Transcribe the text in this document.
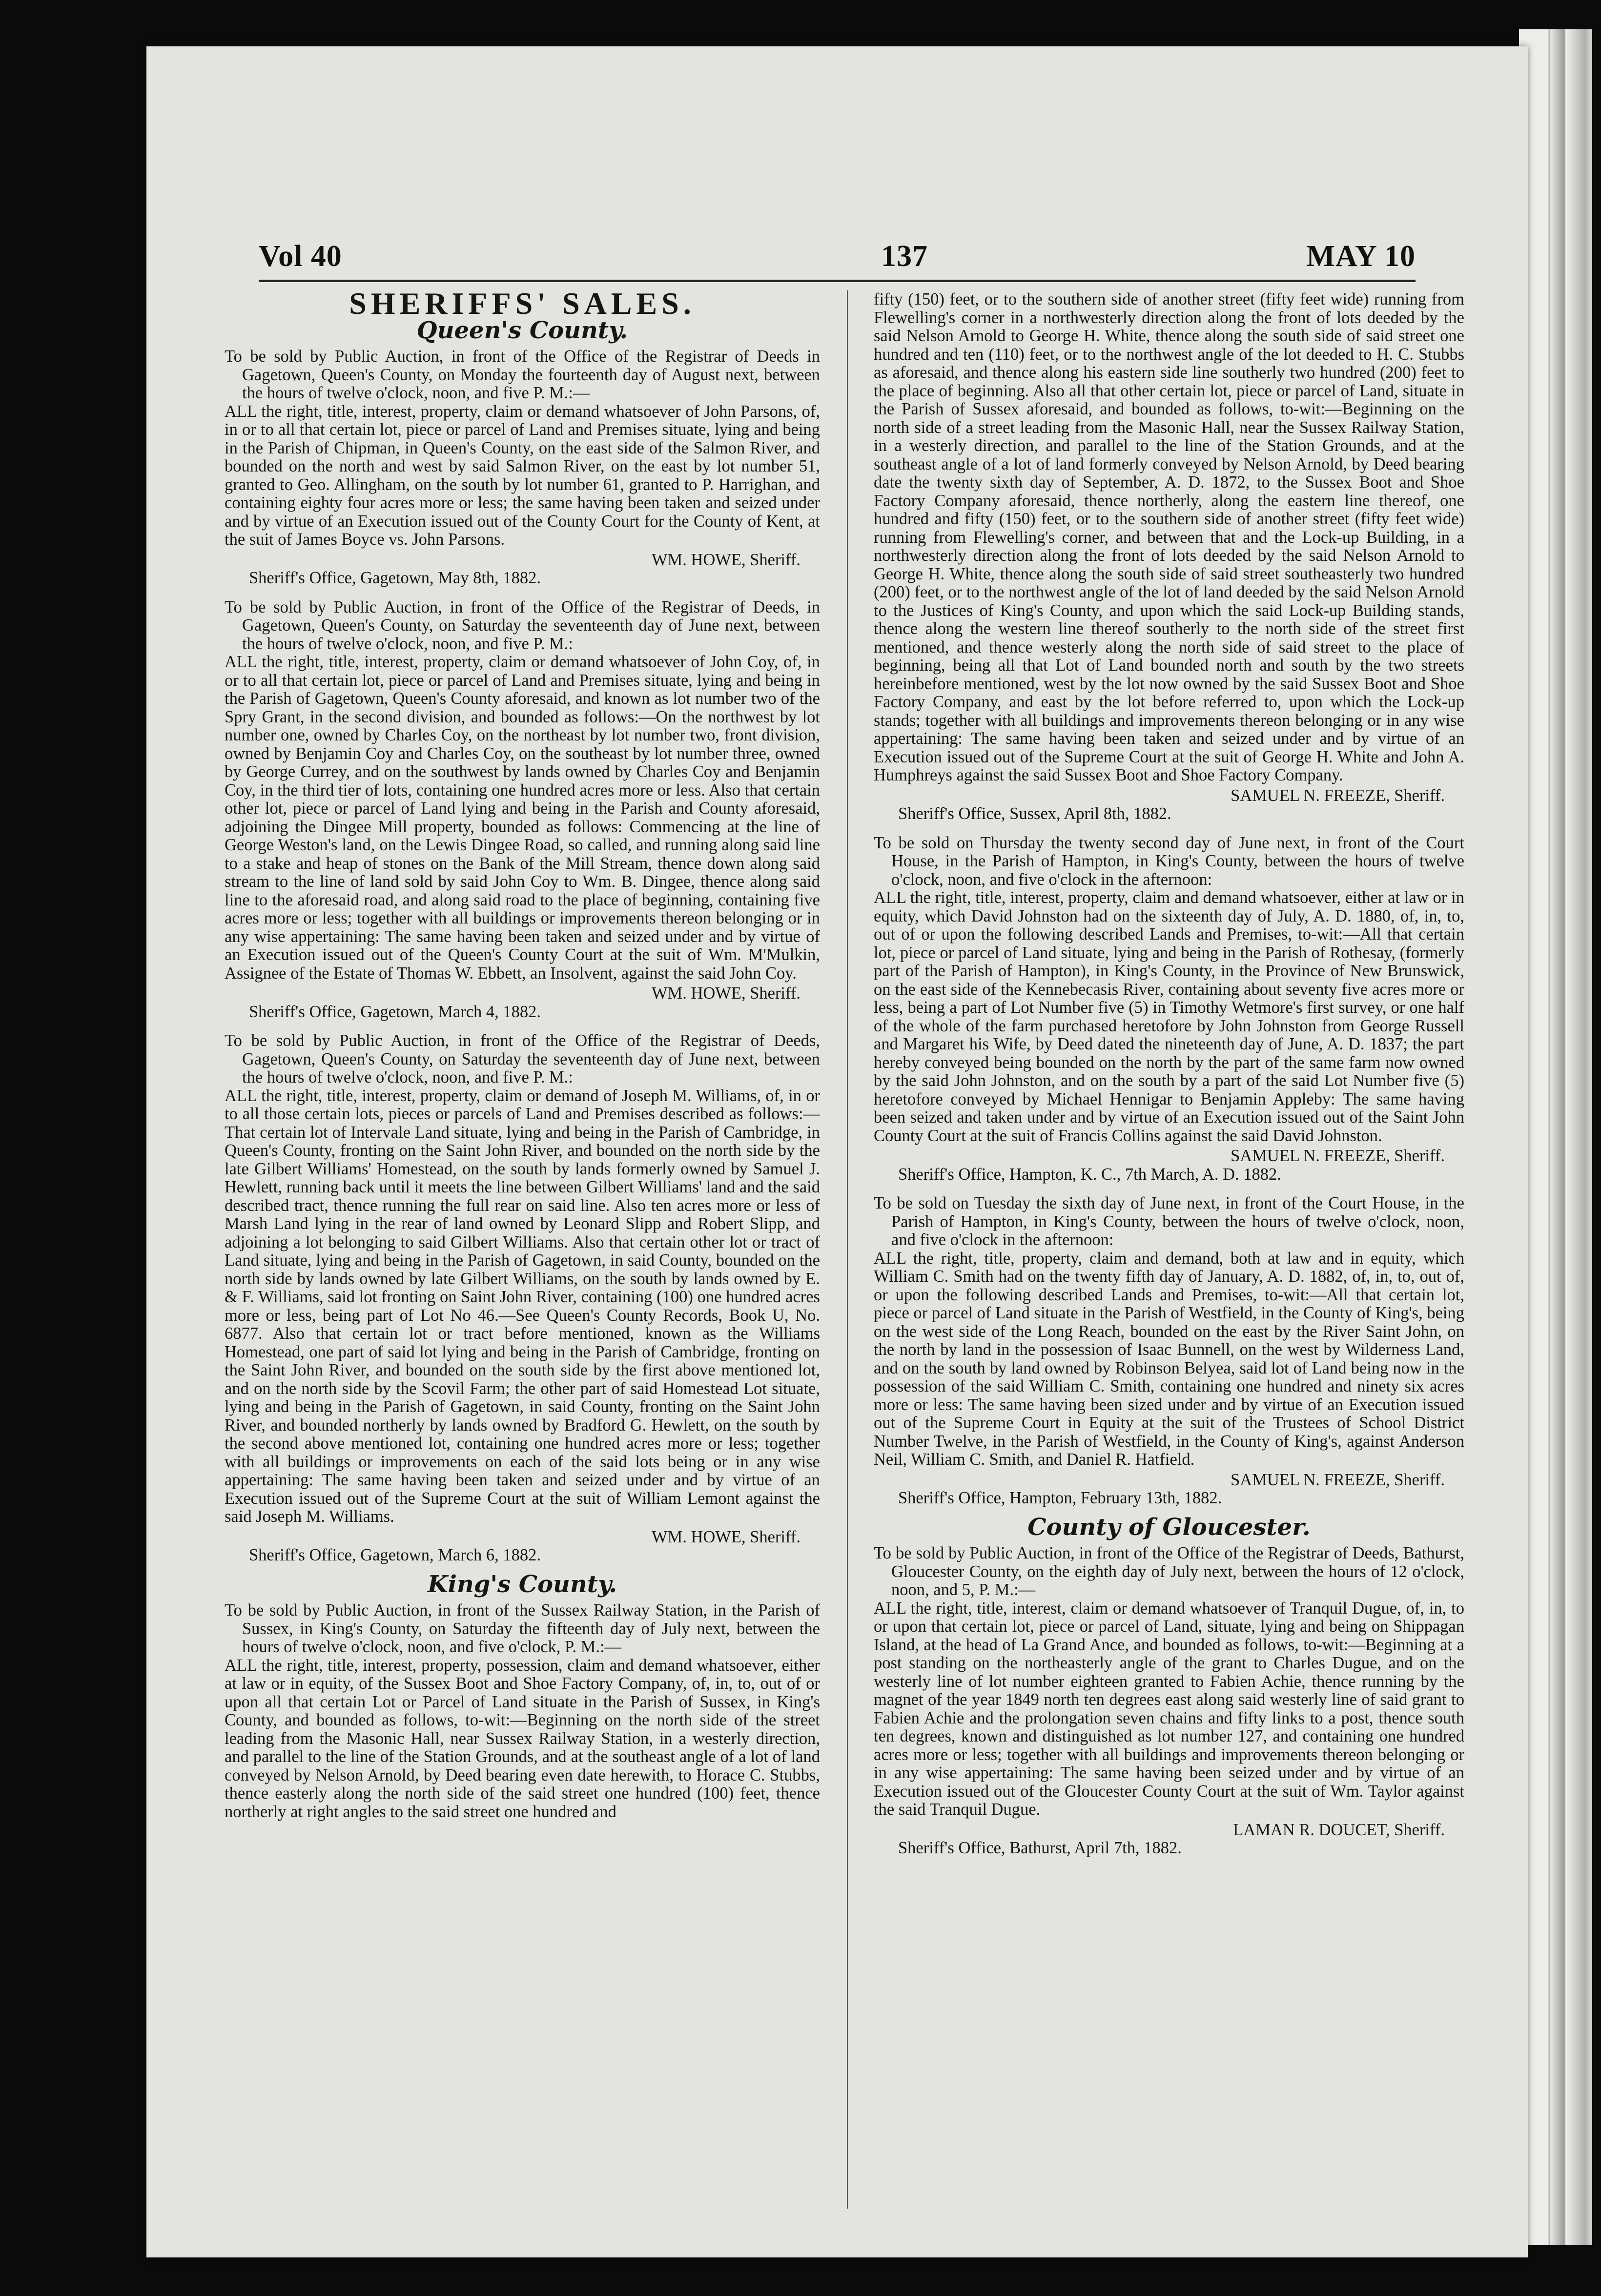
Vol 40	137	MAY 10
SHERIFFS' SALES.
Queen's County.

To be sold by Public Auction, in front of the Office of the Registrar of Deeds in Gagetown, Queen's County, on Monday the fourteenth day of August next, between the hours of twelve o'clock, noon, and five P. M.:—

ALL the right, title, interest, property, claim or demand whatsoever of John Parsons, of, in or to all that certain lot, piece or parcel of Land and Premises situate, lying and being in the Parish of Chipman, in Queen's County, on the east side of the Salmon River, and bounded on the north and west by said Salmon River, on the east by lot number 51, granted to Geo. Allingham, on the south by lot number 61, granted to P. Harrighan, and containing eighty four acres more or less; the same having been taken and seized under and by virtue of an Execution issued out of the County Court for the County of Kent, at the suit of James Boyce vs. John Parsons.

WM. HOWE, Sheriff.

Sheriff's Office, Gagetown, May 8th, 1882.

To be sold by Public Auction, in front of the Office of the Registrar of Deeds, in Gagetown, Queen's County, on Saturday the seventeenth day of June next, between the hours of twelve o'clock, noon, and five P. M.:

ALL the right, title, interest, property, claim or demand whatsoever of John Coy, of, in or to all that certain lot, piece or parcel of Land and Premises situate, lying and being in the Parish of Gagetown, Queen's County aforesaid, and known as lot number two of the Spry Grant, in the second division, and bounded as follows:—On the northwest by lot number one, owned by Charles Coy, on the northeast by lot number two, front division, owned by Benjamin Coy and Charles Coy, on the southeast by lot number three, owned by George Currey, and on the southwest by lands owned by Charles Coy and Benjamin Coy, in the third tier of lots, containing one hundred acres more or less. Also that certain other lot, piece or parcel of Land lying and being in the Parish and County aforesaid, adjoining the Dingee Mill property, bounded as follows: Commencing at the line of George Weston's land, on the Lewis Dingee Road, so called, and running along said line to a stake and heap of stones on the Bank of the Mill Stream, thence down along said stream to the line of land sold by said John Coy to Wm. B. Dingee, thence along said line to the aforesaid road, and along said road to the place of beginning, containing five acres more or less; together with all buildings or improvements thereon belonging or in any wise appertaining: The same having been taken and seized under and by virtue of an Execution issued out of the Queen's County Court at the suit of Wm. M'Mulkin, Assignee of the Estate of Thomas W. Ebbett, an Insolvent, against the said John Coy.

WM. HOWE, Sheriff.

Sheriff's Office, Gagetown, March 4, 1882.

To be sold by Public Auction, in front of the Office of the Registrar of Deeds, Gagetown, Queen's County, on Saturday the seventeenth day of June next, between the hours of twelve o'clock, noon, and five P. M.:

ALL the right, title, interest, property, claim or demand of Joseph M. Williams, of, in or to all those certain lots, pieces or parcels of Land and Premises described as follows:—That certain lot of Intervale Land situate, lying and being in the Parish of Cambridge, in Queen's County, fronting on the Saint John River, and bounded on the north side by the late Gilbert Williams' Homestead, on the south by lands formerly owned by Samuel J. Hewlett, running back until it meets the line between Gilbert Williams' land and the said described tract, thence running the full rear on said line. Also ten acres more or less of Marsh Land lying in the rear of land owned by Leonard Slipp and Robert Slipp, and adjoining a lot belonging to said Gilbert Williams. Also that certain other lot or tract of Land situate, lying and being in the Parish of Gagetown, in said County, bounded on the north side by lands owned by late Gilbert Williams, on the south by lands owned by E. & F. Williams, said lot fronting on Saint John River, containing (100) one hundred acres more or less, being part of Lot No 46.—See Queen's County Records, Book U, No. 6877. Also that certain lot or tract before mentioned, known as the Williams Homestead, one part of said lot lying and being in the Parish of Cambridge, fronting on the Saint John River, and bounded on the south side by the first above mentioned lot, and on the north side by the Scovil Farm; the other part of said Homestead Lot situate, lying and being in the Parish of Gagetown, in said County, fronting on the Saint John River, and bounded northerly by lands owned by Bradford G. Hewlett, on the south by the second above mentioned lot, containing one hundred acres more or less; together with all buildings or improvements on each of the said lots being or in any wise appertaining: The same having been taken and seized under and by virtue of an Execution issued out of the Supreme Court at the suit of William Lemont against the said Joseph M. Williams.

WM. HOWE, Sheriff.

Sheriff's Office, Gagetown, March 6, 1882.

King's County.

To be sold by Public Auction, in front of the Sussex Railway Station, in the Parish of Sussex, in King's County, on Saturday the fifteenth day of July next, between the hours of twelve o'clock, noon, and five o'clock, P. M.:—

ALL the right, title, interest, property, possession, claim and demand whatsoever, either at law or in equity, of the Sussex Boot and Shoe Factory Company, of, in, to, out of or upon all that certain Lot or Parcel of Land situate in the Parish of Sussex, in King's County, and bounded as follows, to-wit:—Beginning on the north side of the street leading from the Masonic Hall, near Sussex Railway Station, in a westerly direction, and parallel to the line of the Station Grounds, and at the southeast angle of a lot of land conveyed by Nelson Arnold, by Deed bearing even date herewith, to Horace C. Stubbs, thence easterly along the north side of the said street one hundred (100) feet, thence northerly at right angles to the said street one hundred and

fifty (150) feet, or to the southern side of another street (fifty feet wide) running from Flewelling's corner in a northwesterly direction along the front of lots deeded by the said Nelson Arnold to George H. White, thence along the south side of said street one hundred and ten (110) feet, or to the northwest angle of the lot deeded to H. C. Stubbs as aforesaid, and thence along his eastern side line southerly two hundred (200) feet to the place of beginning. Also all that other certain lot, piece or parcel of Land, situate in the Parish of Sussex aforesaid, and bounded as follows, to-wit:—Beginning on the north side of a street leading from the Masonic Hall, near the Sussex Railway Station, in a westerly direction, and parallel to the line of the Station Grounds, and at the southeast angle of a lot of land formerly conveyed by Nelson Arnold, by Deed bearing date the twenty sixth day of September, A. D. 1872, to the Sussex Boot and Shoe Factory Company aforesaid, thence northerly, along the eastern line thereof, one hundred and fifty (150) feet, or to the southern side of another street (fifty feet wide) running from Flewelling's corner, and between that and the Lock-up Building, in a northwesterly direction along the front of lots deeded by the said Nelson Arnold to George H. White, thence along the south side of said street southeasterly two hundred (200) feet, or to the northwest angle of the lot of land deeded by the said Nelson Arnold to the Justices of King's County, and upon which the said Lock-up Building stands, thence along the western line thereof southerly to the north side of the street first mentioned, and thence westerly along the north side of said street to the place of beginning, being all that Lot of Land bounded north and south by the two streets hereinbefore mentioned, west by the lot now owned by the said Sussex Boot and Shoe Factory Company, and east by the lot before referred to, upon which the Lock-up stands; together with all buildings and improvements thereon belonging or in any wise appertaining: The same having been taken and seized under and by virtue of an Execution issued out of the Supreme Court at the suit of George H. White and John A. Humphreys against the said Sussex Boot and Shoe Factory Company.

SAMUEL N. FREEZE, Sheriff.

Sheriff's Office, Sussex, April 8th, 1882.

To be sold on Thursday the twenty second day of June next, in front of the Court House, in the Parish of Hampton, in King's County, between the hours of twelve o'clock, noon, and five o'clock in the afternoon:

ALL the right, title, interest, property, claim and demand whatsoever, either at law or in equity, which David Johnston had on the sixteenth day of July, A. D. 1880, of, in, to, out of or upon the following described Lands and Premises, to-wit:—All that certain lot, piece or parcel of Land situate, lying and being in the Parish of Rothesay, (formerly part of the Parish of Hampton), in King's County, in the Province of New Brunswick, on the east side of the Kennebecasis River, containing about seventy five acres more or less, being a part of Lot Number five (5) in Timothy Wetmore's first survey, or one half of the whole of the farm purchased heretofore by John Johnston from George Russell and Margaret his Wife, by Deed dated the nineteenth day of June, A. D. 1837; the part hereby conveyed being bounded on the north by the part of the same farm now owned by the said John Johnston, and on the south by a part of the said Lot Number five (5) heretofore conveyed by Michael Hennigar to Benjamin Appleby: The same having been seized and taken under and by virtue of an Execution issued out of the Saint John County Court at the suit of Francis Collins against the said David Johnston.

SAMUEL N. FREEZE, Sheriff.

Sheriff's Office, Hampton, K. C., 7th March, A. D. 1882.

To be sold on Tuesday the sixth day of June next, in front of the Court House, in the Parish of Hampton, in King's County, between the hours of twelve o'clock, noon, and five o'clock in the afternoon:

ALL the right, title, property, claim and demand, both at law and in equity, which William C. Smith had on the twenty fifth day of January, A. D. 1882, of, in, to, out of, or upon the following described Lands and Premises, to-wit:—All that certain lot, piece or parcel of Land situate in the Parish of Westfield, in the County of King's, being on the west side of the Long Reach, bounded on the east by the River Saint John, on the north by land in the possession of Isaac Bunnell, on the west by Wilderness Land, and on the south by land owned by Robinson Belyea, said lot of Land being now in the possession of the said William C. Smith, containing one hundred and ninety six acres more or less: The same having been sized under and by virtue of an Execution issued out of the Supreme Court in Equity at the suit of the Trustees of School District Number Twelve, in the Parish of Westfield, in the County of King's, against Anderson Neil, William C. Smith, and Daniel R. Hatfield.

SAMUEL N. FREEZE, Sheriff.

Sheriff's Office, Hampton, February 13th, 1882.

County of Gloucester.

To be sold by Public Auction, in front of the Office of the Registrar of Deeds, Bathurst, Gloucester County, on the eighth day of July next, between the hours of 12 o'clock, noon, and 5, P. M.:—

ALL the right, title, interest, claim or demand whatsoever of Tranquil Dugue, of, in, to or upon that certain lot, piece or parcel of Land, situate, lying and being on Shippagan Island, at the head of La Grand Ance, and bounded as follows, to-wit:—Beginning at a post standing on the northeasterly angle of the grant to Charles Dugue, and on the westerly line of lot number eighteen granted to Fabien Achie, thence running by the magnet of the year 1849 north ten degrees east along said westerly line of said grant to Fabien Achie and the prolongation seven chains and fifty links to a post, thence south ten degrees, known and distinguished as lot number 127, and containing one hundred acres more or less; together with all buildings and improvements thereon belonging or in any wise appertaining: The same having been seized under and by virtue of an Execution issued out of the Gloucester County Court at the suit of Wm. Taylor against the said Tranquil Dugue.

LAMAN R. DOUCET, Sheriff.

Sheriff's Office, Bathurst, April 7th, 1882.
